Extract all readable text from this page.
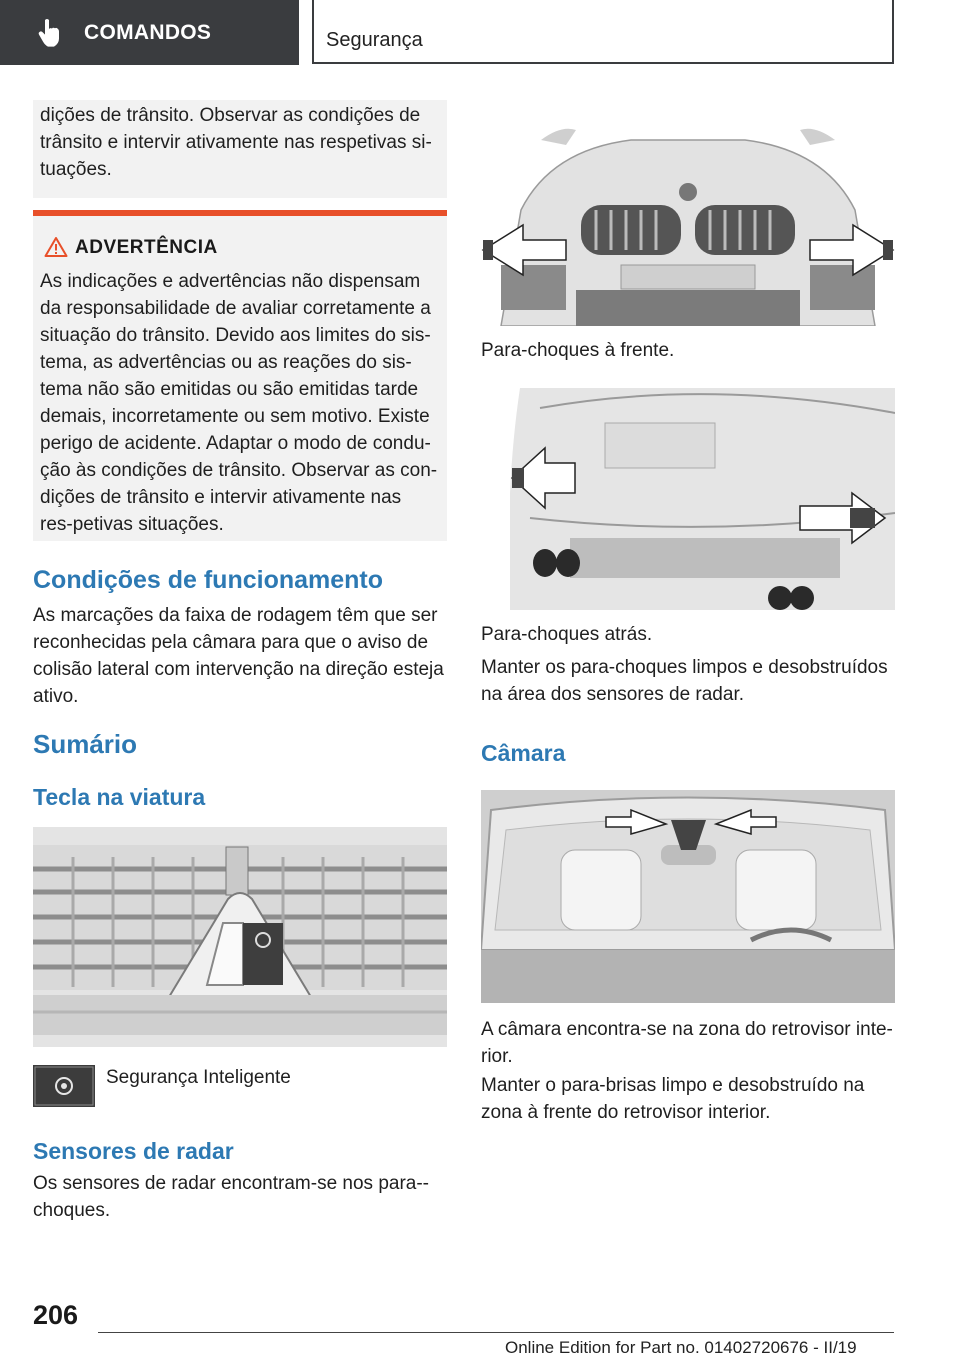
COMANDOS	Segurança
dições de trânsito. Observar as condições de trânsito e intervir ativamente nas respetivas si-tuações.
ADVERTÊNCIA
As indicações e advertências não dispensam da responsabilidade de avaliar corretamente a situação do trânsito. Devido aos limites do sis-tema, as advertências ou as reações do sis-tema não são emitidas ou são emitidas tarde demais, incorretamente ou sem motivo. Existe perigo de acidente. Adaptar o modo de condu-ção às condições de trânsito. Observar as con-dições de trânsito e intervir ativamente nas res-petivas situações.
Condições de funcionamento
As marcações da faixa de rodagem têm que ser reconhecidas pela câmara para que o aviso de colisão lateral com intervenção na direção esteja ativo.
Sumário
Tecla na viatura
Segurança Inteligente
Sensores de radar
Os sensores de radar encontram-se nos para--choques.
Para-choques à frente.
Para-choques atrás.
Manter os para-choques limpos e desobstruídos na área dos sensores de radar.
Câmara
A câmara encontra-se na zona do retrovisor inte-rior.
Manter o para-brisas limpo e desobstruído na zona à frente do retrovisor interior.
206
Online Edition for Part no. 01402720676 - II/19
